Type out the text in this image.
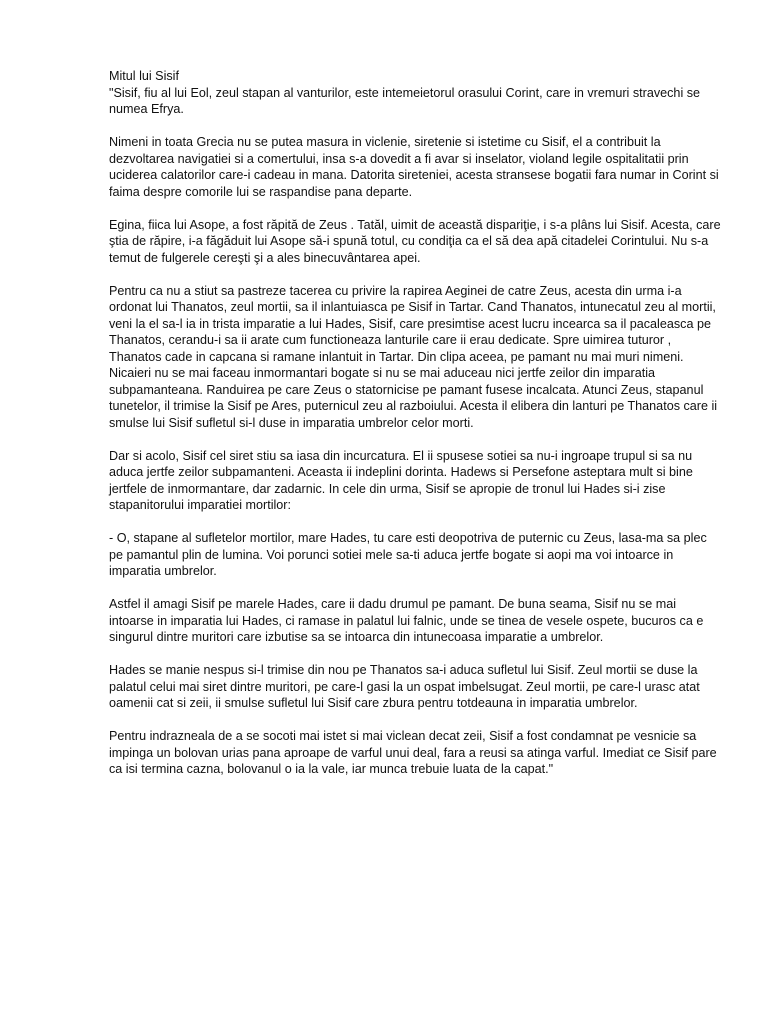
Mitul lui Sisif

"Sisif, fiu al lui Eol, zeul stapan al vanturilor, este intemeietorul orasului Corint, care in vremuri stravechi se numea Efrya.

Nimeni in toata Grecia nu se putea masura in viclenie, siretenie si istetime cu Sisif, el a contribuit la dezvoltarea navigatiei si a comertului, insa s-a dovedit a fi avar si inselator, violand legile ospitalitatii prin uciderea calatorilor care-i cadeau in mana. Datorita sireteniei, acesta stransese bogatii fara numar in Corint si faima despre comorile lui se raspandise pana departe.

Egina, fiica lui Asope, a fost răpită de Zeus . Tatăl, uimit de această dispariţie, i s-a plâns lui Sisif. Acesta, care ştia de răpire, i-a făgăduit lui Asope să-i spună totul, cu condiţia ca el să dea apă citadelei Corintului. Nu s-a temut de fulgerele cereşti şi a ales binecuvântarea apei.

Pentru ca nu a stiut sa pastreze tacerea cu privire la rapirea Aeginei de catre Zeus, acesta din urma i-a ordonat lui Thanatos, zeul mortii, sa il inlantuiasca pe Sisif in Tartar. Cand Thanatos, intunecatul zeu al mortii, veni la el sa-l ia in trista imparatie a lui Hades, Sisif, care presimtise acest lucru incearca sa il pacaleasca pe Thanatos, cerandu-i sa ii arate cum functioneaza lanturile care ii erau dedicate. Spre uimirea tuturor , Thanatos cade in capcana si ramane inlantuit in Tartar. Din clipa aceea, pe pamant nu mai muri nimeni. Nicaieri nu se mai faceau inmormantari bogate si nu se mai aduceau nici jertfe zeilor din imparatia subpamanteana. Randuirea pe care Zeus o statornicise pe pamant fusese incalcata. Atunci Zeus, stapanul tunetelor, il trimise la Sisif pe Ares, puternicul zeu al razboiului. Acesta il elibera din lanturi pe Thanatos care ii smulse lui Sisif sufletul si-l duse in imparatia umbrelor celor morti.

Dar si acolo, Sisif cel siret stiu sa iasa din incurcatura. El ii spusese sotiei sa nu-i ingroape trupul si sa nu aduca jertfe zeilor subpamanteni. Aceasta ii indeplini dorinta. Hadews si Persefone asteptara mult si bine jertfele de inmormantare, dar zadarnic. In cele din urma, Sisif se apropie de tronul lui Hades si-i zise stapanitorului imparatiei mortilor:

- O, stapane al sufletelor mortilor, mare Hades, tu care esti deopotriva de puternic cu Zeus, lasa-ma sa plec pe pamantul plin de lumina. Voi porunci sotiei mele sa-ti aduca jertfe bogate si aopi ma voi intoarce in imparatia umbrelor.

Astfel il amagi Sisif pe marele Hades, care ii dadu drumul pe pamant. De buna seama, Sisif nu se mai intoarse in imparatia lui Hades, ci ramase in palatul lui falnic, unde se tinea de vesele ospete, bucuros ca e singurul dintre muritori care izbutise sa se intoarca din intunecoasa imparatie a umbrelor.

Hades se manie nespus si-l trimise din nou pe Thanatos sa-i aduca sufletul lui Sisif. Zeul mortii se duse la palatul celui mai siret dintre muritori, pe care-l gasi la un ospat imbelsugat. Zeul mortii, pe care-l urasc atat oamenii cat si zeii, ii smulse sufletul lui Sisif care zbura pentru totdeauna in imparatia umbrelor.

Pentru indrazneala de a se socoti mai istet si mai viclean decat zeii, Sisif a fost condamnat pe vesnicie sa impinga un bolovan urias pana aproape de varful unui deal, fara a reusi sa atinga varful. Imediat ce Sisif pare ca isi termina cazna, bolovanul o ia la vale, iar munca trebuie luata de la capat."
